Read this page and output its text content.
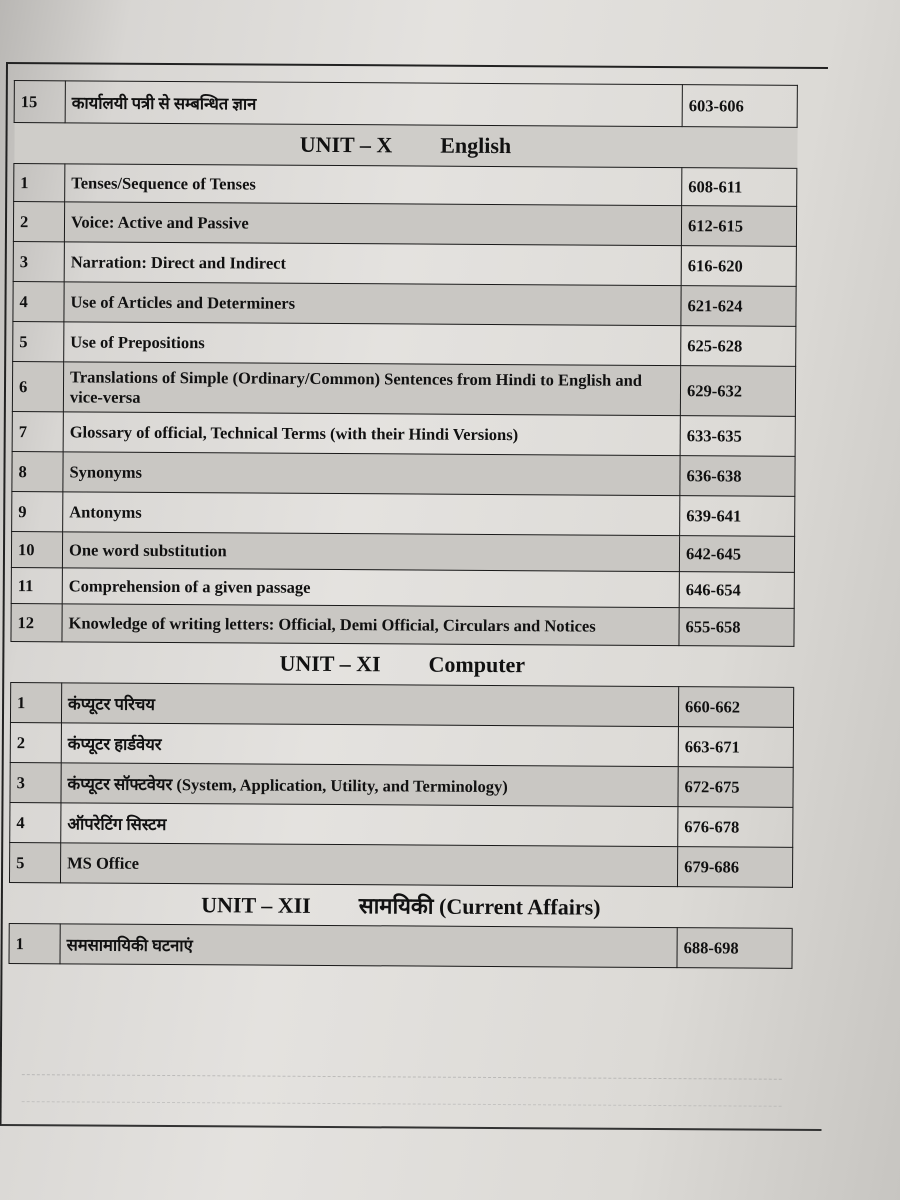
15	कार्यालयी पत्री से सम्बन्धित ज्ञान	603-606
UNIT – X English		
1	Tenses/Sequence of Tenses	608-611
2	Voice: Active and Passive	612-615
3	Narration: Direct and Indirect	616-620
4	Use of Articles and Determiners	621-624
5	Use of Prepositions	625-628
6	Translations of Simple (Ordinary/Common) Sentences from Hindi to English and vice-versa	629-632
7	Glossary of official, Technical Terms (with their Hindi Versions)	633-635
8	Synonyms	636-638
9	Antonyms	639-641
10	One word substitution	642-645
11	Comprehension of a given passage	646-654
12	Knowledge of writing letters: Official, Demi Official, Circulars and Notices	655-658
UNIT – XI Computer		
1	कंप्यूटर परिचय	660-662
2	कंप्यूटर हार्डवेयर	663-671
3	कंप्यूटर सॉफ्टवेयर (System, Application, Utility, and Terminology)	672-675
4	ऑपरेटिंग सिस्टम	676-678
5	MS Office	679-686
UNIT – XII सामयिकी (Current Affairs)		
1	समसामायिकी घटनाएं	688-698
